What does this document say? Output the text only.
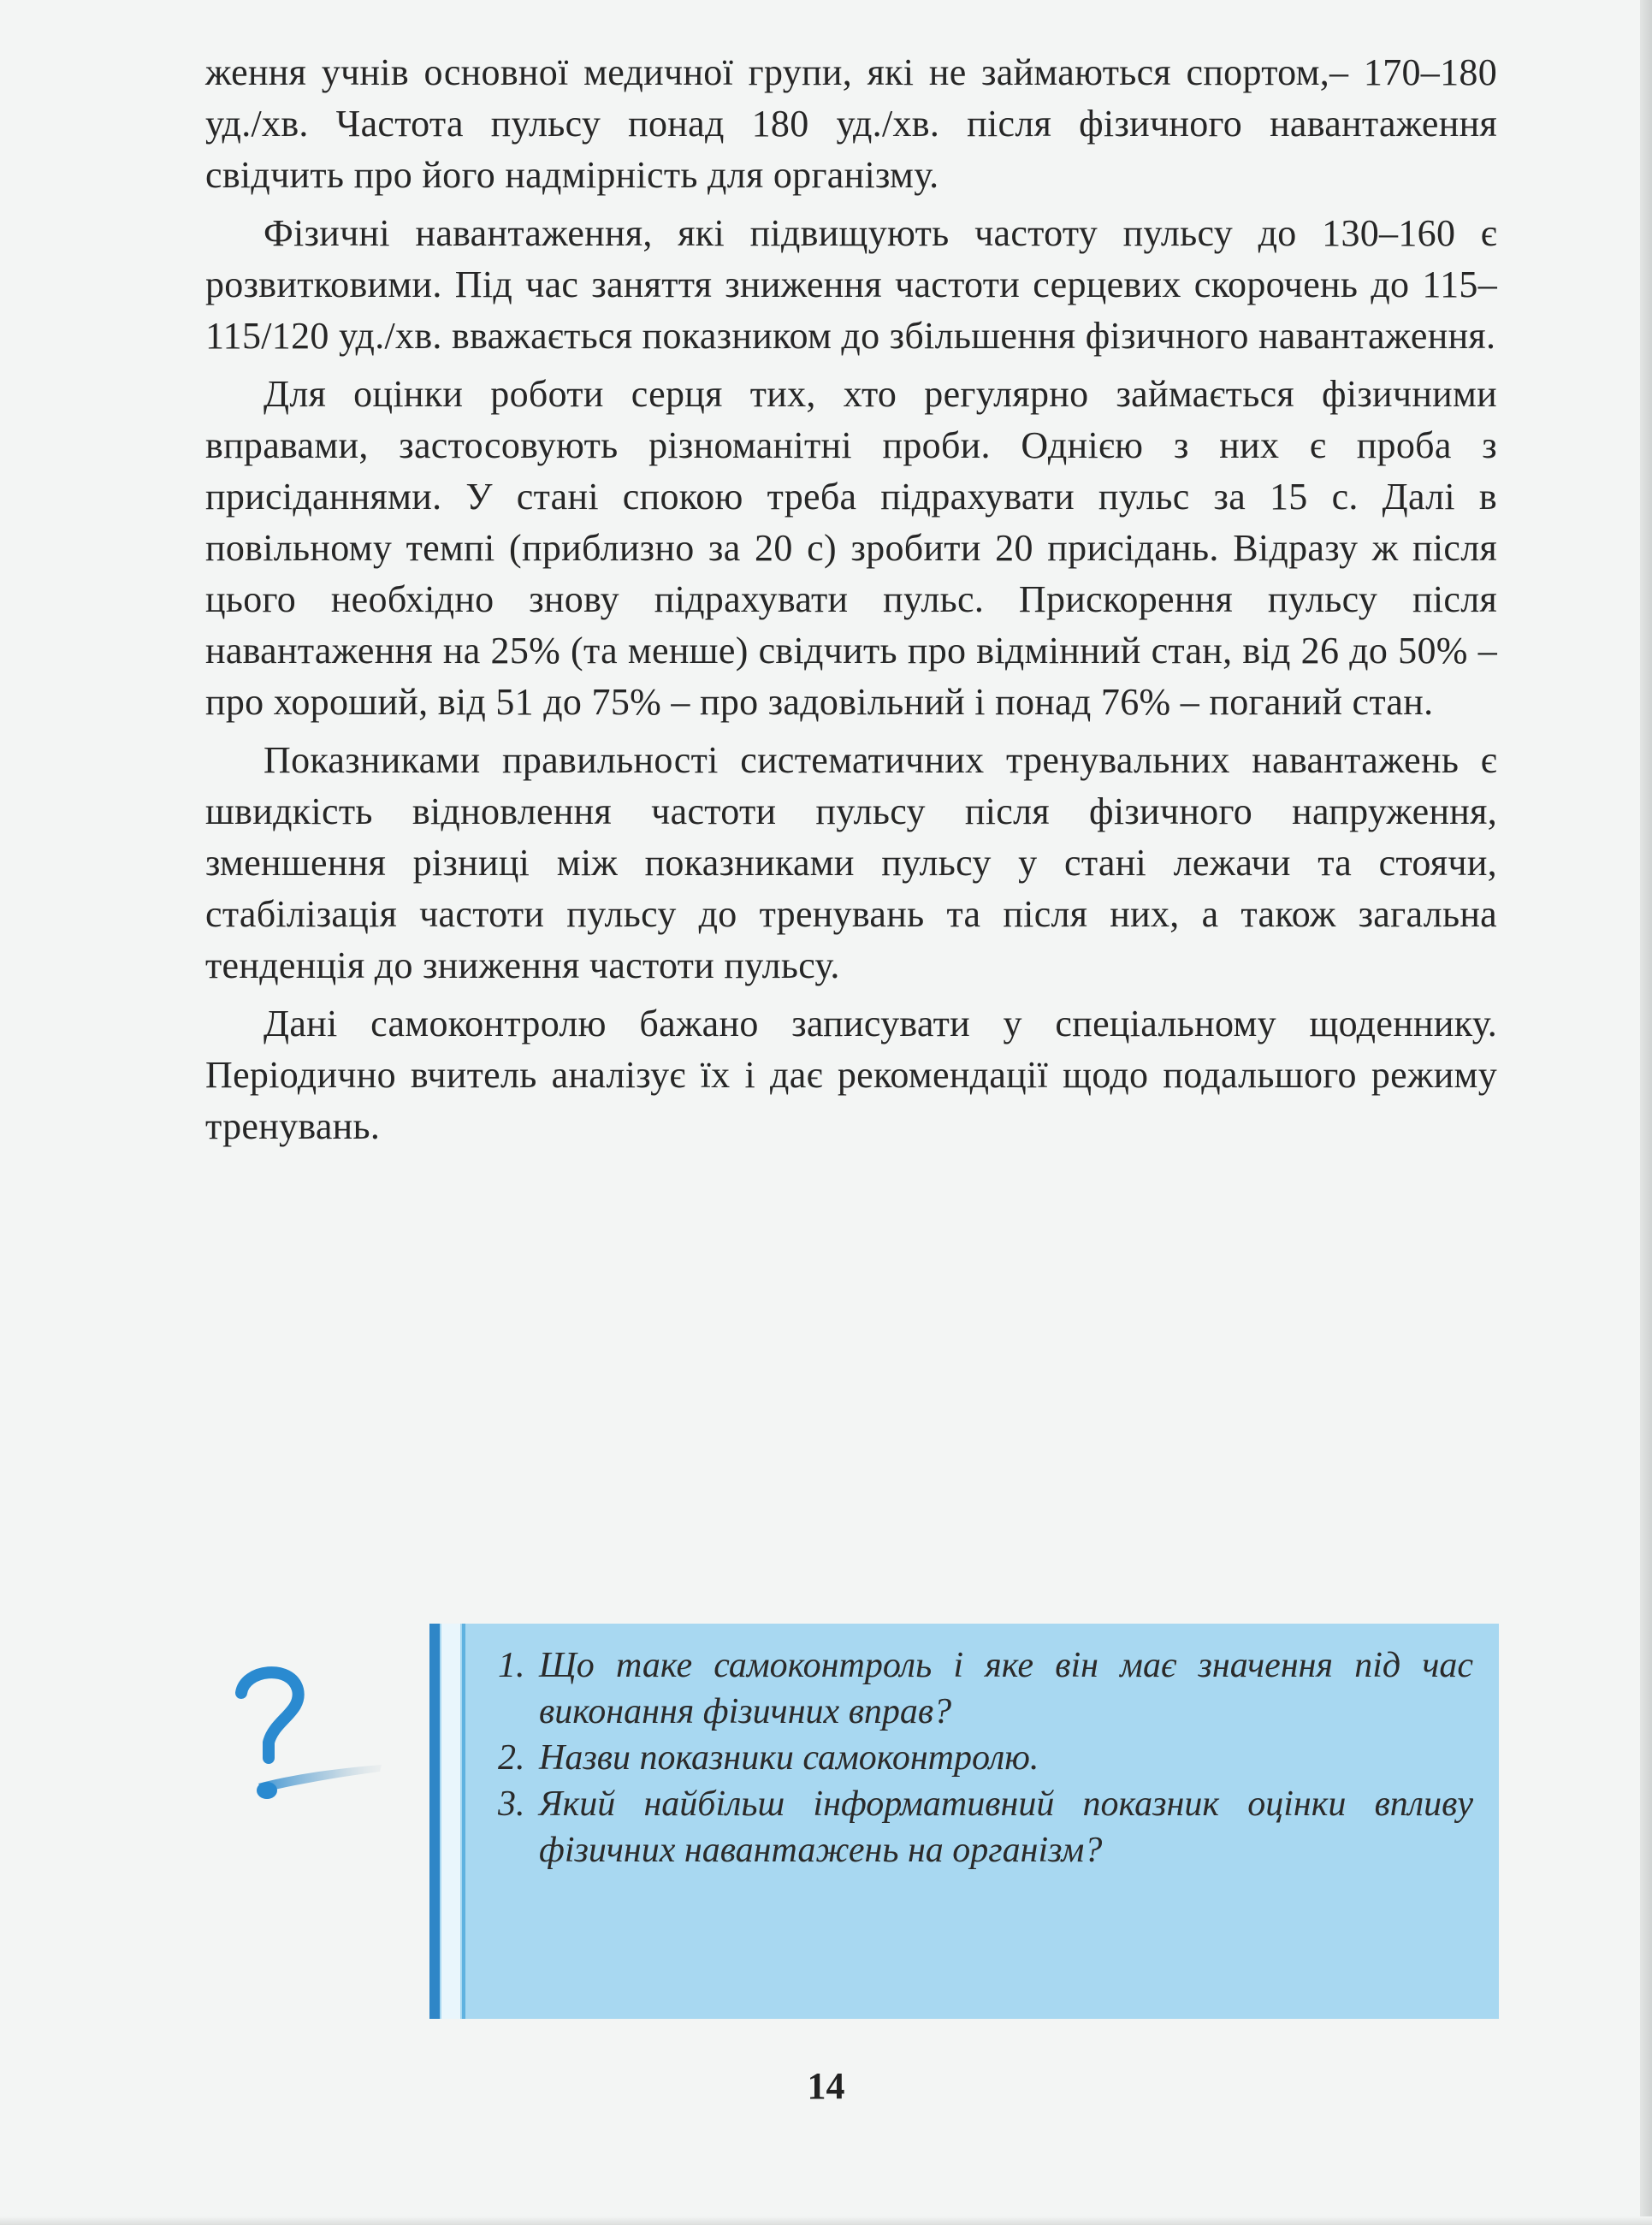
ження учнів основної медичної групи, які не займаються спортом,– 170–180 уд./хв. Частота пульсу понад 180 уд./хв. після фізичного навантаження свідчить про його надмірність для організму.

Фізичні навантаження, які підвищують частоту пульсу до 130–160 є розвитковими. Під час заняття зниження частоти серцевих скорочень до 115–115/120 уд./хв. вважається показником до збільшення фізичного навантаження.

Для оцінки роботи серця тих, хто регулярно займається фізичними вправами, застосовують різноманітні проби. Однією з них є проба з присіданнями. У стані спокою треба підрахувати пульс за 15 с. Далі в повільному темпі (приблизно за 20 с) зробити 20 присідань. Відразу ж після цього необхідно знову підрахувати пульс. Прискорення пульсу після навантаження на 25% (та менше) свідчить про відмінний стан, від 26 до 50% – про хороший, від 51 до 75% – про задовільний і понад 76% – поганий стан.

Показниками правильності систематичних тренувальних навантажень є швидкість відновлення частоти пульсу після фізичного напруження, зменшення різниці між показниками пульсу у стані лежачи та стоячи, стабілізація частоти пульсу до тренувань та після них, а також загальна тенденція до зниження частоти пульсу.

Дані самоконтролю бажано записувати у спеціальному щоденнику. Періодично вчитель аналізує їх і дає рекомендації щодо подальшого режиму тренувань.

1. Що таке самоконтроль і яке він має значення під час виконання фізичних вправ?
2. Назви показники самоконтролю.
3. Який найбільш інформативний показник оцінки впливу фізичних навантажень на організм?
14
